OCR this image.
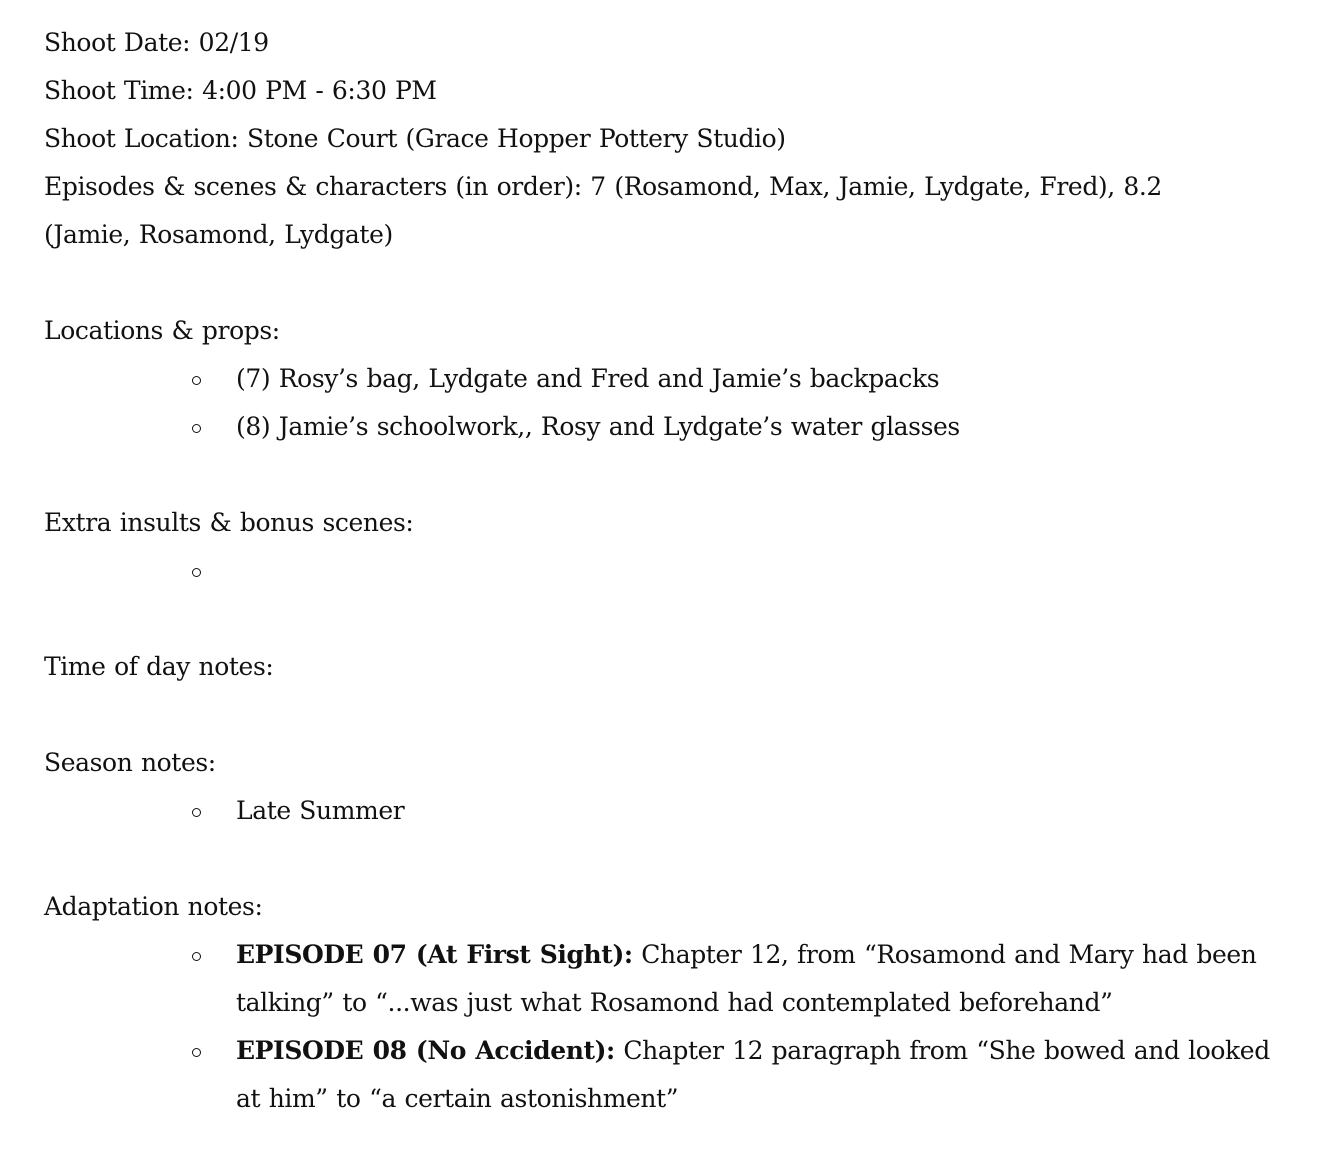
Shoot Date: 02/19
Shoot Time: 4:00 PM - 6:30 PM
Shoot Location: Stone Court (Grace Hopper Pottery Studio)
Episodes & scenes & characters (in order): 7 (Rosamond, Max, Jamie, Lydgate, Fred), 8.2 (Jamie, Rosamond, Lydgate)
Locations & props:
(7) Rosy’s bag, Lydgate and Fred and Jamie’s backpacks
(8) Jamie’s schoolwork,, Rosy and Lydgate’s water glasses
Extra insults & bonus scenes:
Time of day notes:
Season notes:
Late Summer
Adaptation notes:
EPISODE 07 (At First Sight): Chapter 12, from “Rosamond and Mary had been talking” to “...was just what Rosamond had contemplated beforehand”
EPISODE 08 (No Accident): Chapter 12 paragraph from “She bowed and looked at him” to “a certain astonishment”
